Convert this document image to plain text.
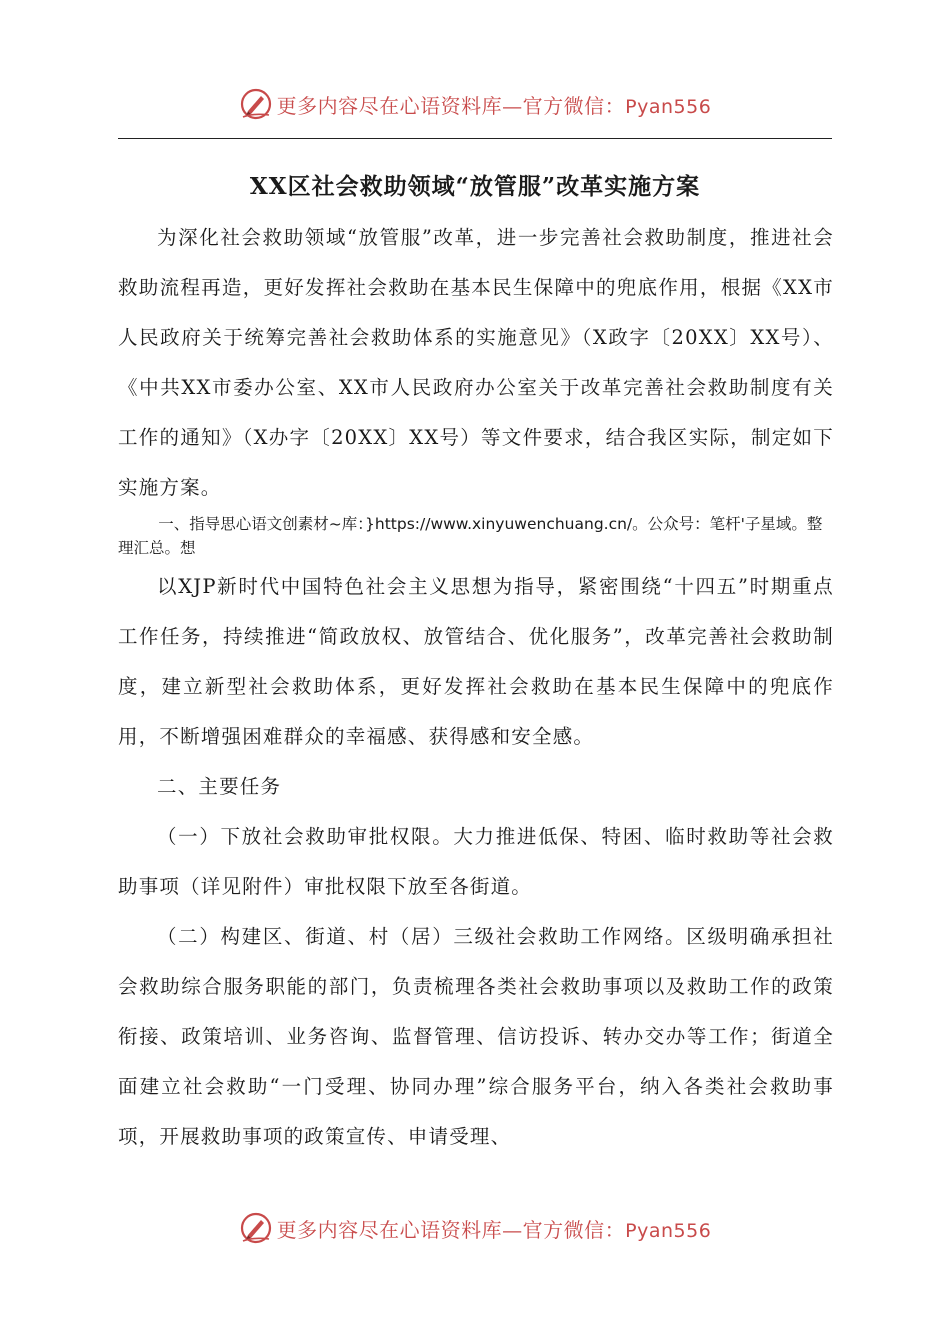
更多内容尽在心语资料库—官方微信：Pyan556
XX区社会救助领域“放管服”改革实施方案

为深化社会救助领域“放管服”改革，进一步完善社会救助制度，推进社会救助流程再造，更好发挥社会救助在基本民生保障中的兜底作用，根据《XX市人民政府关于统筹完善社会救助体系的实施意见》（X政字〔20XX〕XX号）、《中共XX市委办公室、XX市人民政府办公室关于改革完善社会救助制度有关工作的通知》（X办字〔20XX〕XX号）等文件要求，结合我区实际，制定如下实施方案。

一、指导思心语文创素材~库：}https://www.xinyuwenchuang.cn/。公众号：笔杆'子星域。整理汇总。想

以XJP新时代中国特色社会主义思想为指导，紧密围绕“十四五”时期重点工作任务，持续推进“简政放权、放管结合、优化服务”，改革完善社会救助制度，建立新型社会救助体系，更好发挥社会救助在基本民生保障中的兜底作用，不断增强困难群众的幸福感、获得感和安全感。

二、主要任务

（一）下放社会救助审批权限。大力推进低保、特困、临时救助等社会救助事项（详见附件）审批权限下放至各街道。

（二）构建区、街道、村（居）三级社会救助工作网络。区级明确承担社会救助综合服务职能的部门，负责梳理各类社会救助事项以及救助工作的政策衔接、政策培训、业务咨询、监督管理、信访投诉、转办交办等工作；街道全面建立社会救助“一门受理、协同办理”综合服务平台，纳入各类社会救助事项，开展救助事项的政策宣传、申请受理、

更多内容尽在心语资料库—官方微信：Pyan556
